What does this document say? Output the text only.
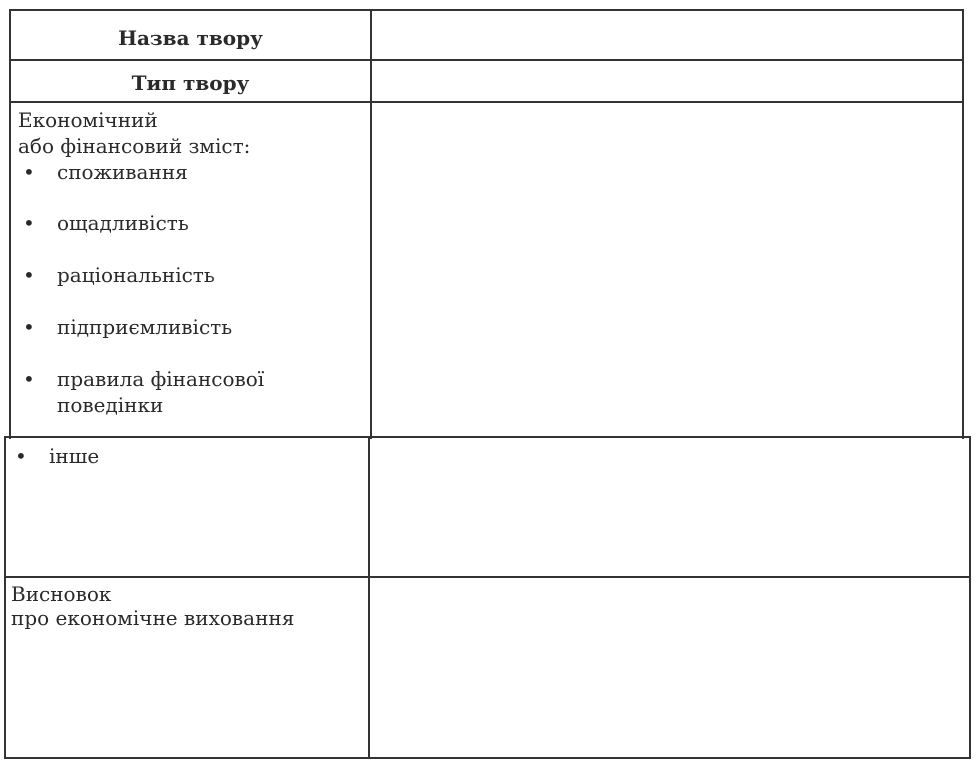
Назва твору
Тип твору
Економічний
або фінансовий зміст:
• споживання
• ощадливість
• раціональність
• підприємливість
• правила фінансової
поведінки
• інше
Висновок
про економічне виховання
